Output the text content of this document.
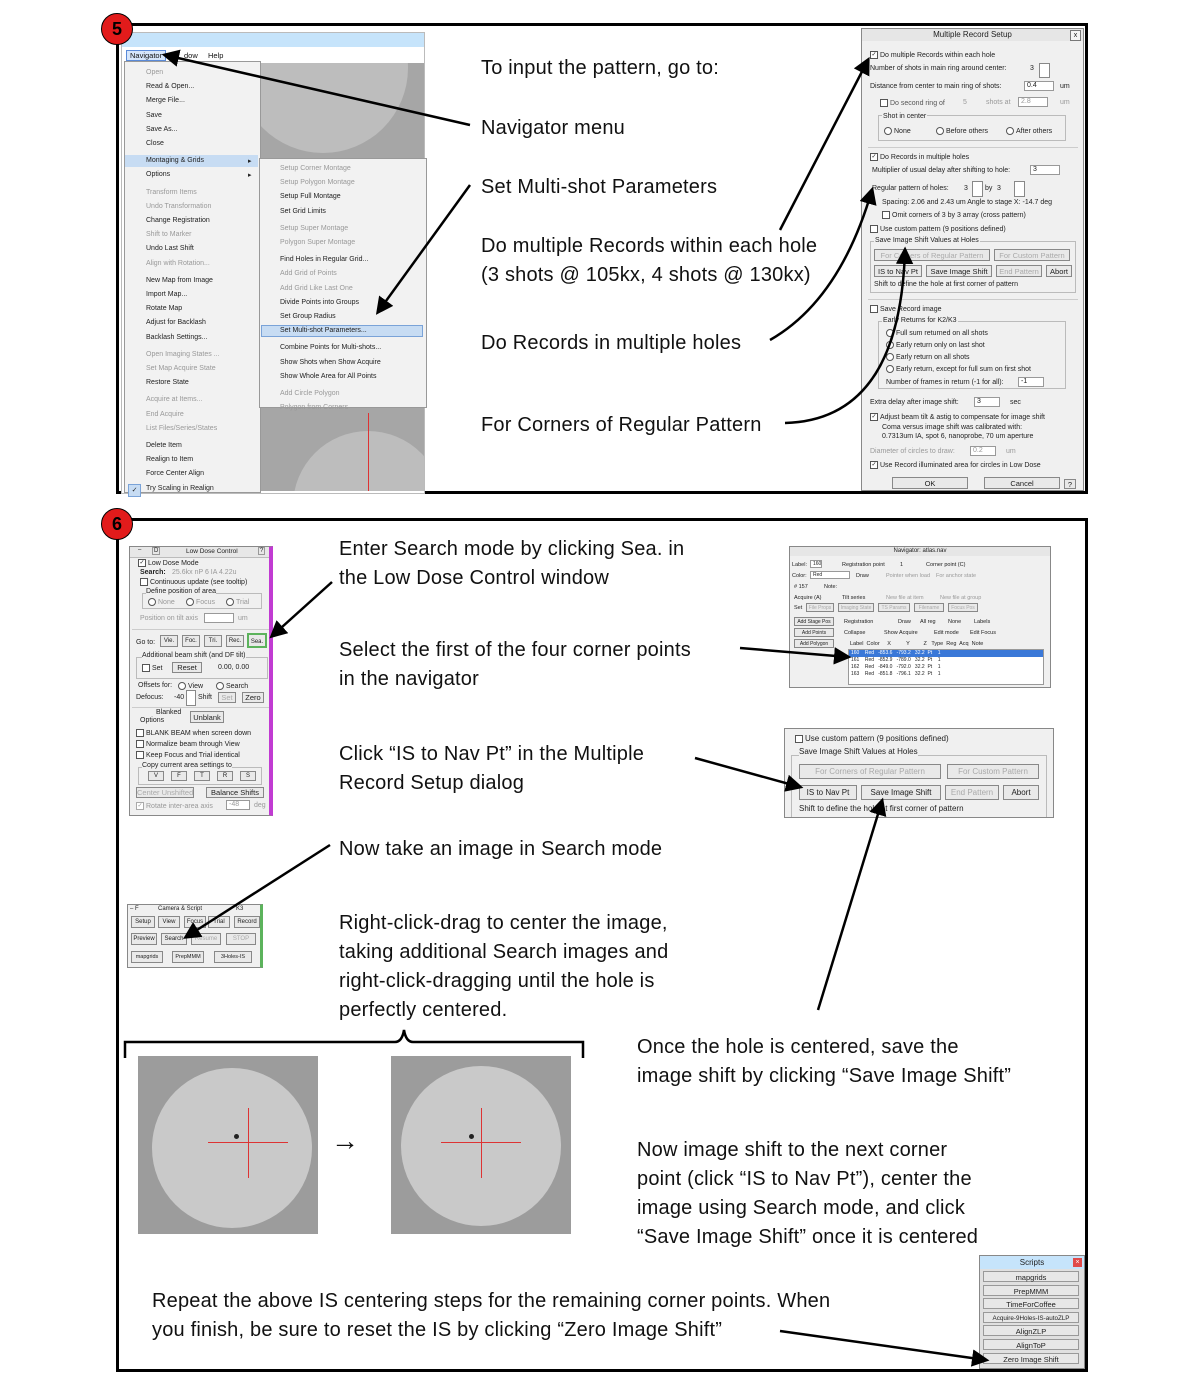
Navigator	dow Help
Open
Read & Open...
Merge File...
Save
Save As...
Close
▸
Montaging & Grids
▸
Options
Transform Items
Undo Transformation
Change Registration
Shift to Marker
Undo Last Shift
Align with Rotation...
New Map from Image
Import Map...
Rotate Map
Adjust for Backlash
Backlash Settings...
Open Imaging States ...
Set Map Acquire State
Restore State
Acquire at Items...
End Acquire
List Files/Series/States
Delete Item
Realign to Item
Force Center Align
✓	Try Scaling in Realign
Setup Corner Montage
Setup Polygon Montage
Setup Full Montage
Set Grid Limits
Setup Super Montage
Polygon Super Montage
Find Holes in Regular Grid...
Add Grid of Points
Add Grid Like Last One
Divide Points into Groups
Set Group Radius
Set Multi-shot Parameters...
Combine Points for Multi-shots...
Show Shots when Show Acquire
Show Whole Area for All Points
Add Circle Polygon
Polygon from Corners
To input the pattern, go to:
Navigator menu
Set Multi-shot Parameters
Do multiple Records within each hole
(3 shots @ 105kx, 4 shots @ 130kx)
Do Records in multiple holes
For Corners of Regular Pattern
Multiple Record Setup	x
✓ Do multiple Records within each hole
Number of shots in main ring around center:	3
Distance from center to main ring of shots:	0.4	um
Do second ring of	5	shots at	2.8	um
Shot in center
None	Before others	After others
✓ Do Records in multiple holes
Multiplier of usual delay after shifting to hole:	3
Regular pattern of holes: 3 by 3
Spacing: 2.06 and 2.43 um Angle to stage X: -14.7 deg
Omit corners of 3 by 3 array (cross pattern)
Use custom pattern (9 positions defined)
Save Image Shift Values at Holes
For Corners of Regular Pattern	For Custom Pattern
IS to Nav Pt	Save Image Shift	End Pattern	Abort
Shift to define the hole at first corner of pattern
Save Record image
Early Returns for K2/K3
Full sum returned on all shots
Early return only on last shot
Early return on all shots
Early return, except for full sum on first shot
Number of frames in return (-1 for all):	-1
Extra delay after image shift:	3	sec
✓ Adjust beam tilt & astig to compensate for image shift
Coma versus image shift was calibrated with:
0.7313um IA, spot 6, nanoprobe, 70 um aperture
Diameter of circles to draw:	0.2	um
✓ Use Record illuminated area for circles in Low Dose
OK	Cancel	?
5
–	D	Low Dose Control	?
✓ Low Dose Mode
Search: 25.6kx nP 6 IA 4.22u
Continuous update (see tooltip)
Define position of area
None	Focus	Trial
Position on tilt axis	um
Go to:	Vie.	Foc.	Tri.	Rec.	Sea.
Additional beam shift (and DF tilt)
Set	Reset	0.00, 0.00
Offsets for:	View	Search
Defocus: -40 Shift	Set	Zero
Blanked
Options	Unblank
BLANK BEAM when screen down
Normalize beam through View
Keep Focus and Trial identical
Copy current area settings to
V	F	T	R	S
Center Unshifted	Balance Shifts
✓ Rotate inter-area axis	-48	deg
– F	Camera & Script	K3
Setup	View	Focus	Trial	Record
Preview	Search	Resume	STOP
mapgrids	PrepMMM	3Holes-IS
→
Navigator: atlas.nav
Label:	160	Registration point	1	Corner point (C)
Color:	Red	Draw	Pointer when load For anchor state
# 157	Note:
Acquire (A)	Tilt series	New file at item	New file at group
Set	File Props	Imaging State	TS Params	Filename	Focus Pos
Add Stage Pos	Registration	Draw All reg None Labels
Add Points	Collapse	Show Acquire	Edit mode Edit Focus
Add Polygon	Label  Color     X          Y         Z   Type  Reg  Acq  Note
160    Red   -853.6   -793.2   32.2  Pt    1
161    Red   -852.9   -789.0   32.2  Pt    1
162    Red   -849.0   -792.0   32.2  Pt    1
163    Red   -851.8   -796.1   32.2  Pt    1
Use custom pattern (9 positions defined)
Save Image Shift Values at Holes
For Corners of Regular Pattern	For Custom Pattern
IS to Nav Pt	Save Image Shift	End Pattern	Abort
Shift to define the hole at first corner of pattern
Scripts	×
mapgrids
PrepMMM
TimeForCoffee
Acquire-9Holes-IS-autoZLP
AlignZLP
AlignToP
Zero Image Shift
Enter Search mode by clicking Sea. in
the Low Dose Control window
Select the first of the four corner points
in the navigator
Click “IS to Nav Pt” in the Multiple
Record Setup dialog
Now take an image in Search mode
Right-click-drag to center the image,
taking additional Search images and
right-click-dragging until the hole is
perfectly centered.
Once the hole is centered, save the
image shift by clicking “Save Image Shift”
Now image shift to the next corner
point (click “IS to Nav Pt”), center the
image using Search mode, and click
“Save Image Shift” once it is centered
Repeat the above IS centering steps for the remaining corner points. When
you finish, be sure to reset the IS by clicking “Zero Image Shift”
6
